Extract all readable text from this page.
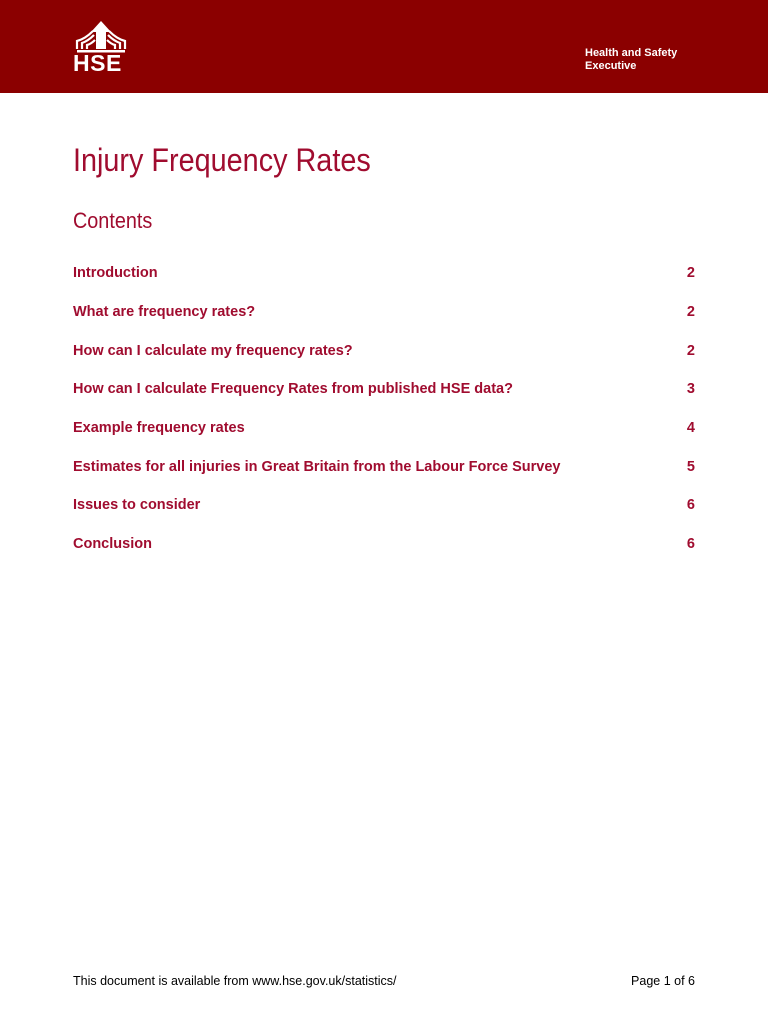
HSE	Health and Safety
Executive
Injury Frequency Rates
Contents
Introduction	2
What are frequency rates?	2
How can I calculate my frequency rates?	2
How can I calculate Frequency Rates from published HSE data?	3
Example frequency rates	4
Estimates for all injuries in Great Britain from the Labour Force Survey	5
Issues to consider	6
Conclusion	6
This document is available from www.hse.gov.uk/statistics/	Page 1 of 6
